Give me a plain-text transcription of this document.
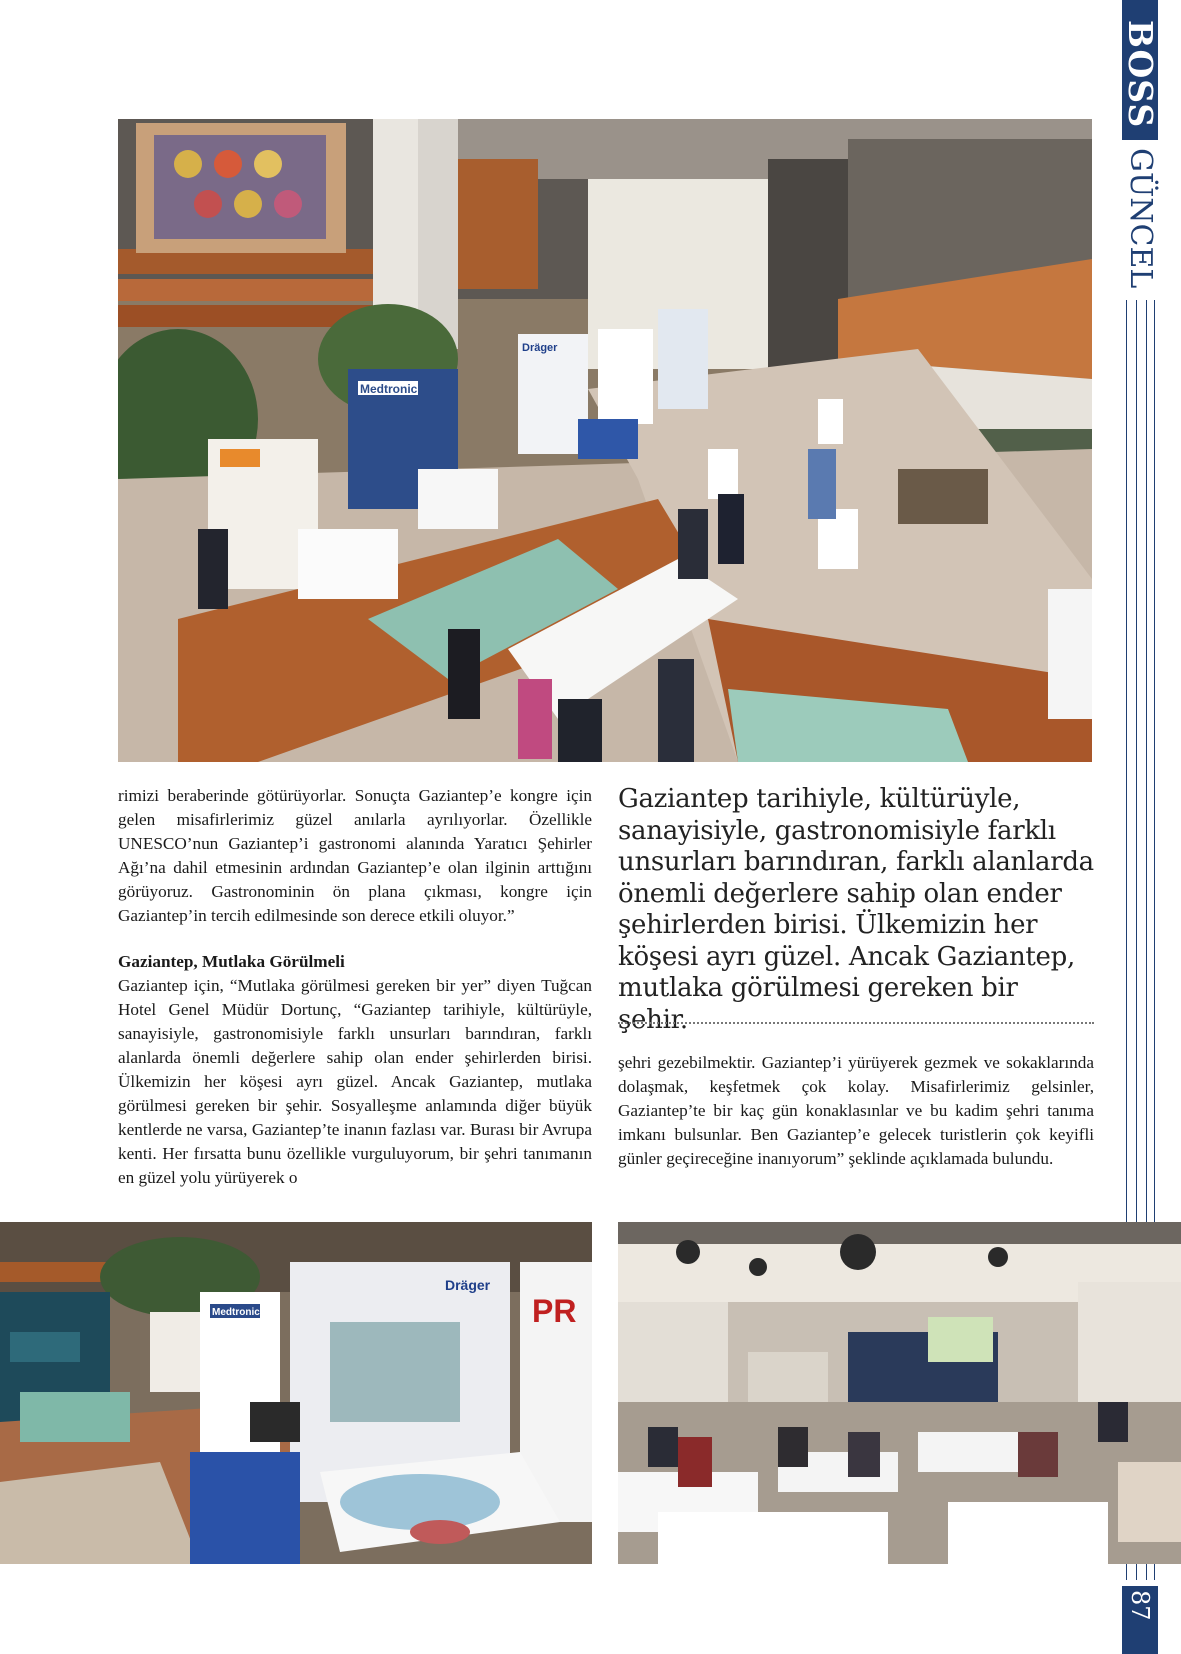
BOSS
GÜNCEL
87
Medtronic
Dräger

rimizi beraberinde götürüyorlar. Sonuçta Gaziantep’e kongre için gelen misafirlerimiz güzel anılarla ayrılıyorlar. Özellikle UNESCO’nun Gaziantep’i gastronomi alanında Yaratıcı Şehirler Ağı’na dahil etmesinin ardından Gaziantep’e olan ilginin arttığını görüyoruz. Gastronominin ön plana çıkması, kongre için Gaziantep’in tercih edilmesinde son derece etkili oluyor.”

Gaziantep, Mutlaka Görülmeli

Gaziantep için, “Mutlaka görülmesi gereken bir yer” diyen Tuğcan Hotel Genel Müdür Dortunç, “Gaziantep tarihiyle, kültürüyle, sanayisiyle, gastronomisiyle farklı unsurları barındıran, farklı alanlarda önemli değerlere sahip olan ender şehirlerden birisi. Ülkemizin her köşesi ayrı güzel. Ancak Gaziantep, mutlaka görülmesi gereken bir şehir. Sosyalleşme anlamında diğer büyük kentlerde ne varsa, Gaziantep’te inanın fazlası var. Burası bir Avrupa kenti. Her fırsatta bunu özellikle vurguluyorum, bir şehri tanımanın en güzel yolu yürüyerek o

Gaziantep tarihiyle, kültürüyle, sanayisiyle, gastronomisiyle farklı unsurları barındıran, farklı alanlarda önemli değerlere sahip olan ender şehirlerden birisi. Ülkemizin her köşesi ayrı güzel. Ancak Gaziantep, mutlaka görülmesi gereken bir şehir.

şehri gezebilmektir. Gaziantep’i yürüyerek gezmek ve sokaklarında dolaşmak, keşfetmek çok kolay. Misafirlerimiz gelsinler, Gaziantep’te bir kaç gün konaklasınlar ve bu kadim şehri tanıma imkanı bulsunlar. Ben Gaziantep’e gelecek turistlerin çok keyifli günler geçireceğine inanıyorum” şeklinde açıklamada bulundu.

Medtronic
Dräger
PR
